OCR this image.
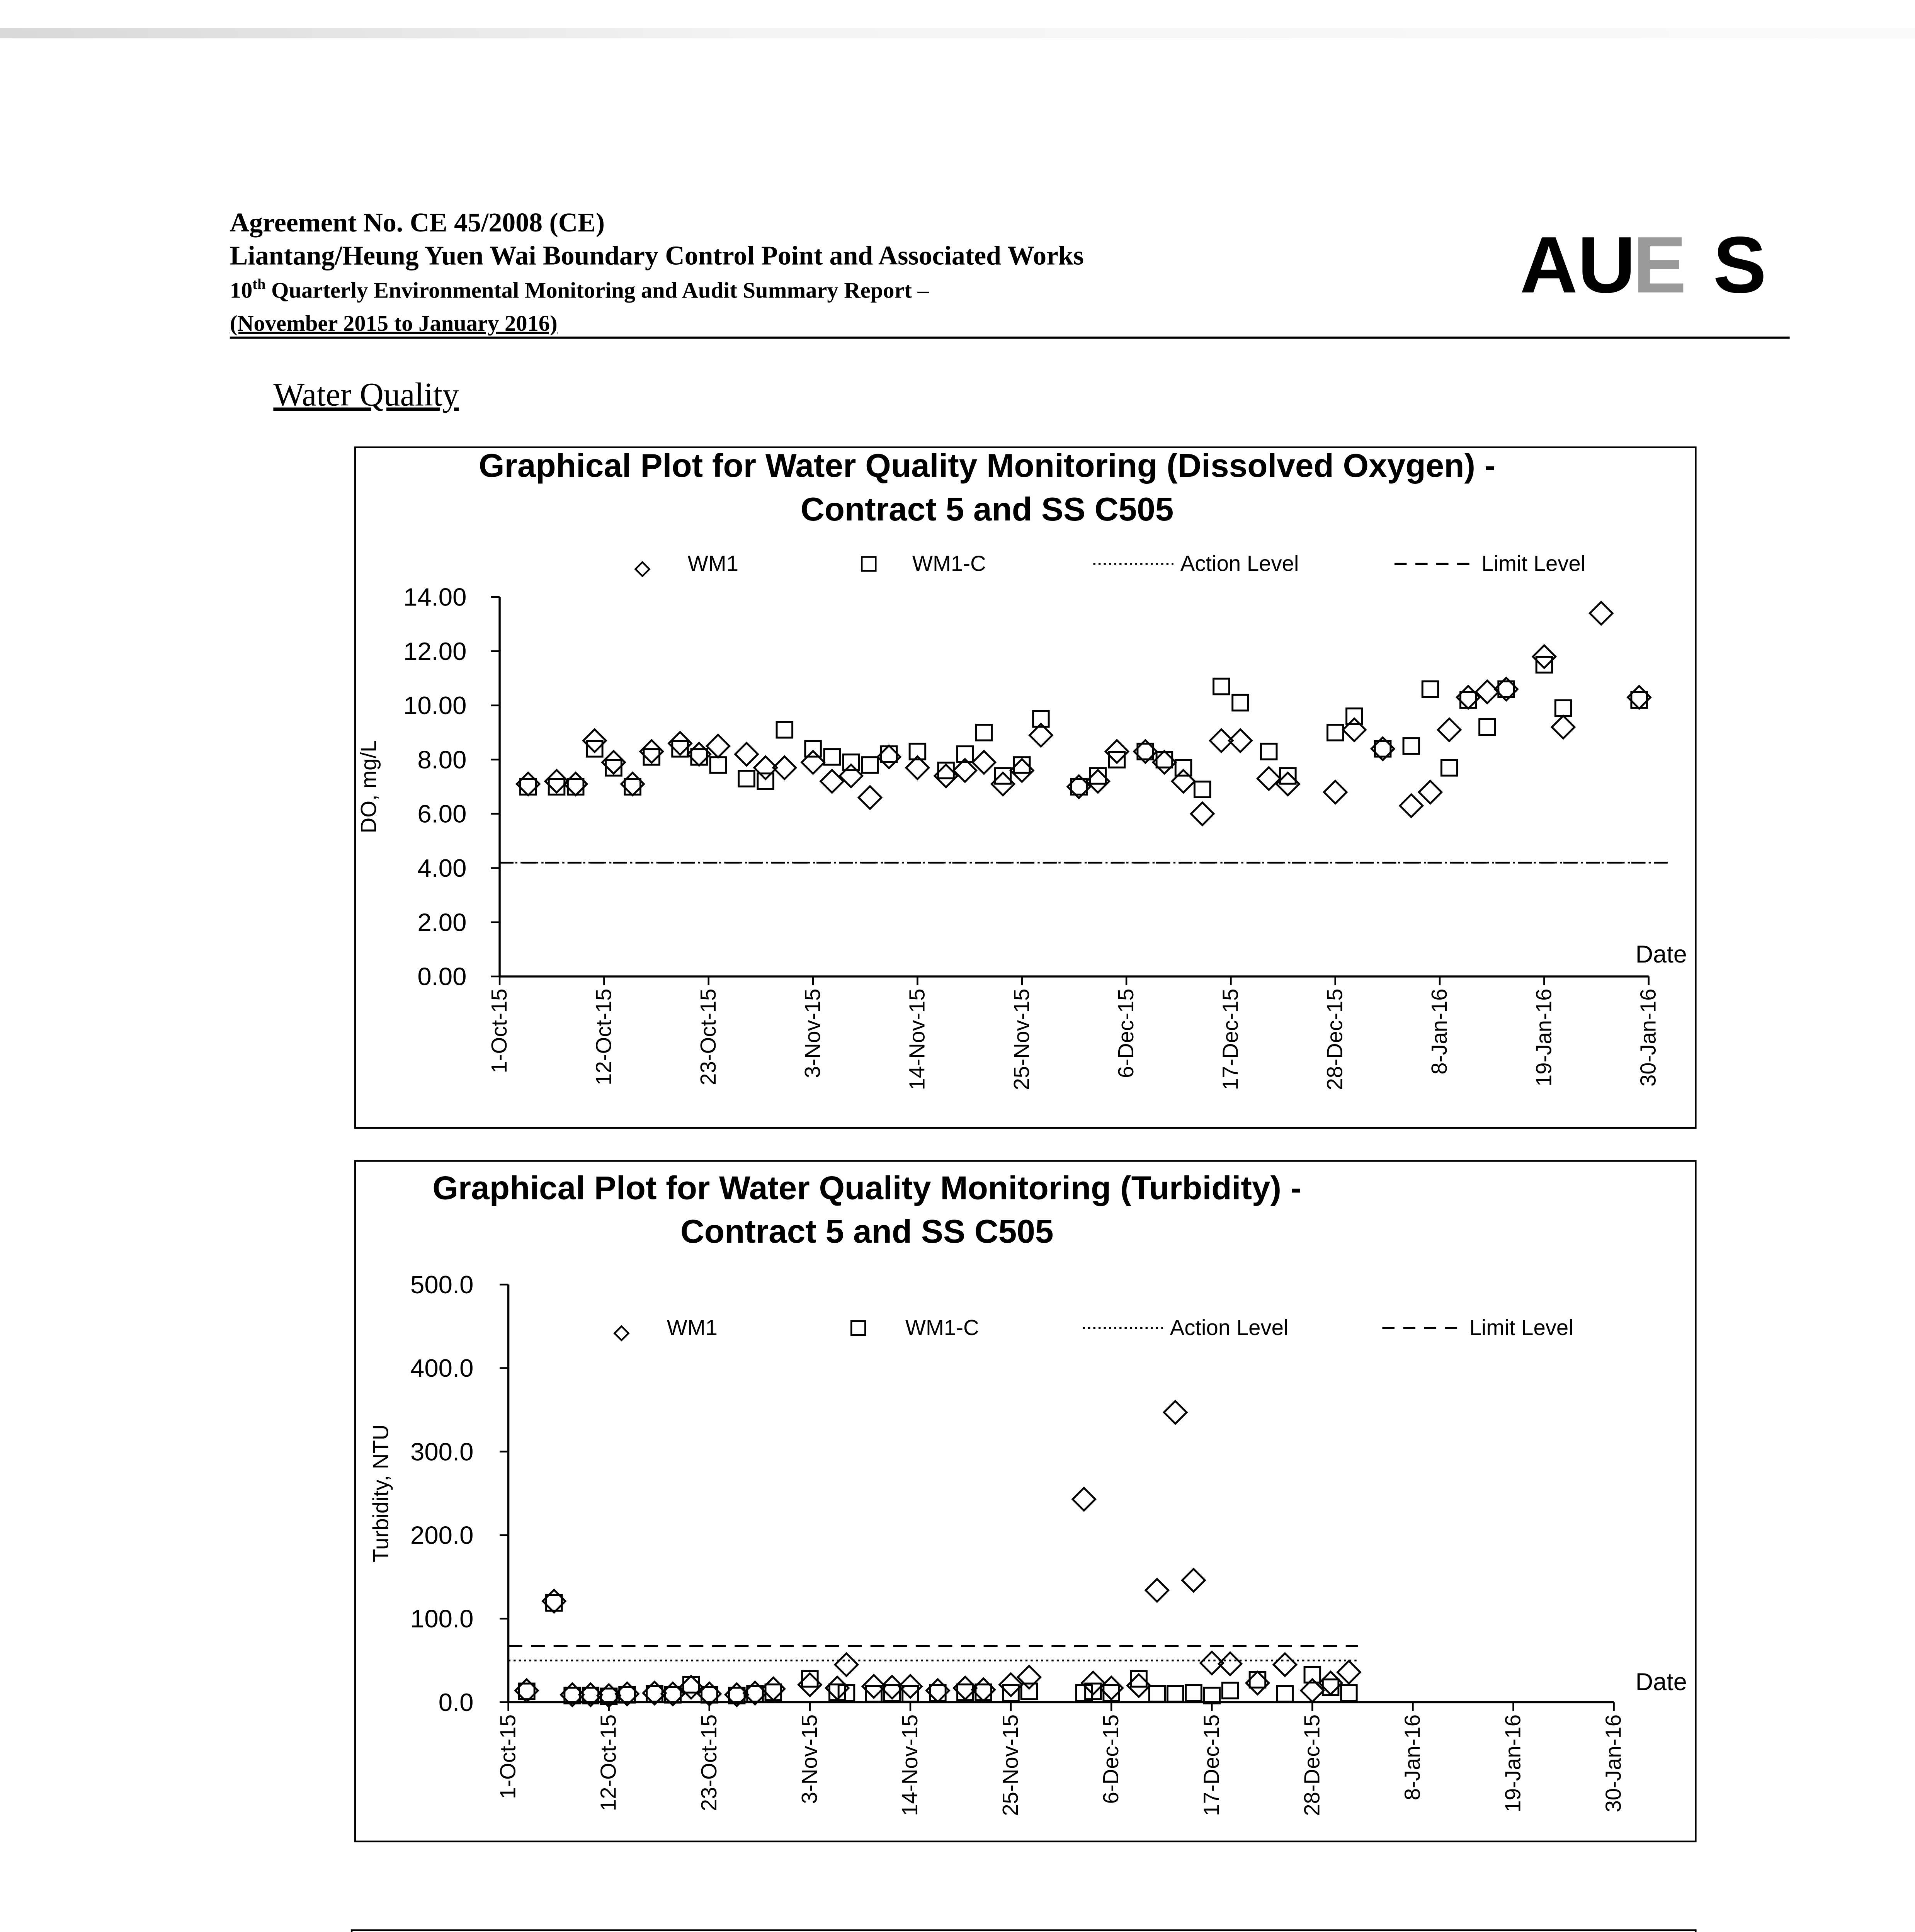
Agreement No. CE 45/2008 (CE)
Liantang/Heung Yuen Wai Boundary Control Point and Associated Works
10th Quarterly Environmental Monitoring and Audit Summary Report –
(November 2015 to January 2016)
AU
E S
Water Quality
Graphical Plot for Water Quality Monitoring (Dissolved Oxygen) -
Contract 5 and SS C505
WM1	WM1-C	Action Level	Limit Level
0.00
2.00
4.00
6.00
8.00
10.00
12.00
14.00
1-Oct-15	12-Oct-15	23-Oct-15	3-Nov-15	14-Nov-15	25-Nov-15	6-Dec-15	17-Dec-15	28-Dec-15	8-Jan-16	19-Jan-16	30-Jan-16
DO, mg/L
Date
Graphical Plot for Water Quality Monitoring (Turbidity) -
Contract 5 and SS C505
WM1	WM1-C	Action Level	Limit Level
0.0
100.0
200.0
300.0
400.0
500.0
1-Oct-15	12-Oct-15	23-Oct-15	3-Nov-15	14-Nov-15	25-Nov-15	6-Dec-15	17-Dec-15	28-Dec-15	8-Jan-16	19-Jan-16	30-Jan-16
Turbidity, NTU
Date
